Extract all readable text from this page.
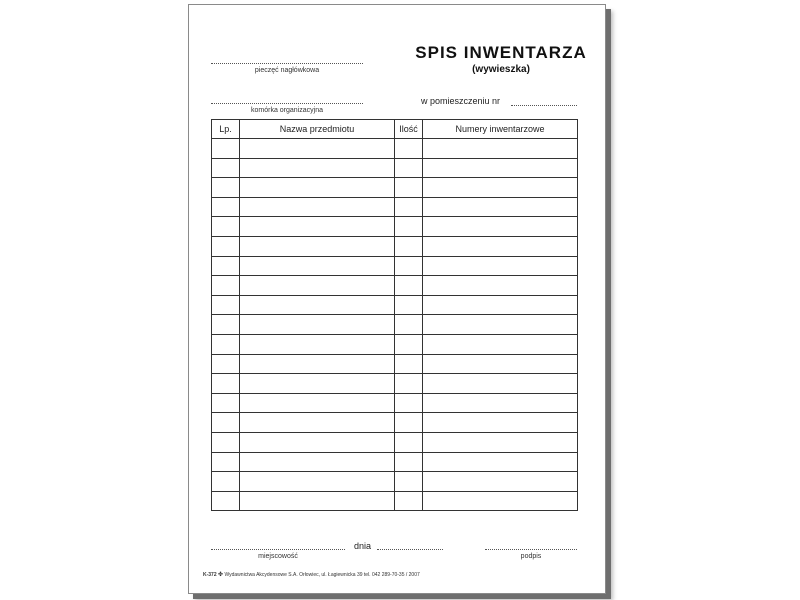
pieczęć nagłówkowa
SPIS INWENTARZA
(wywieszka)
komórka organizacyjna
w pomieszczeniu nr
Lp.	Nazwa przedmiotu	Ilość	Numery inwentarzowe

miejscowość
dnia
podpis
K-372 ✤ Wydawnictwa Akcydensowe S.A. Orłowiec, ul. Łagiewnicka 39 tel. 042 289-70-35 / 2007
